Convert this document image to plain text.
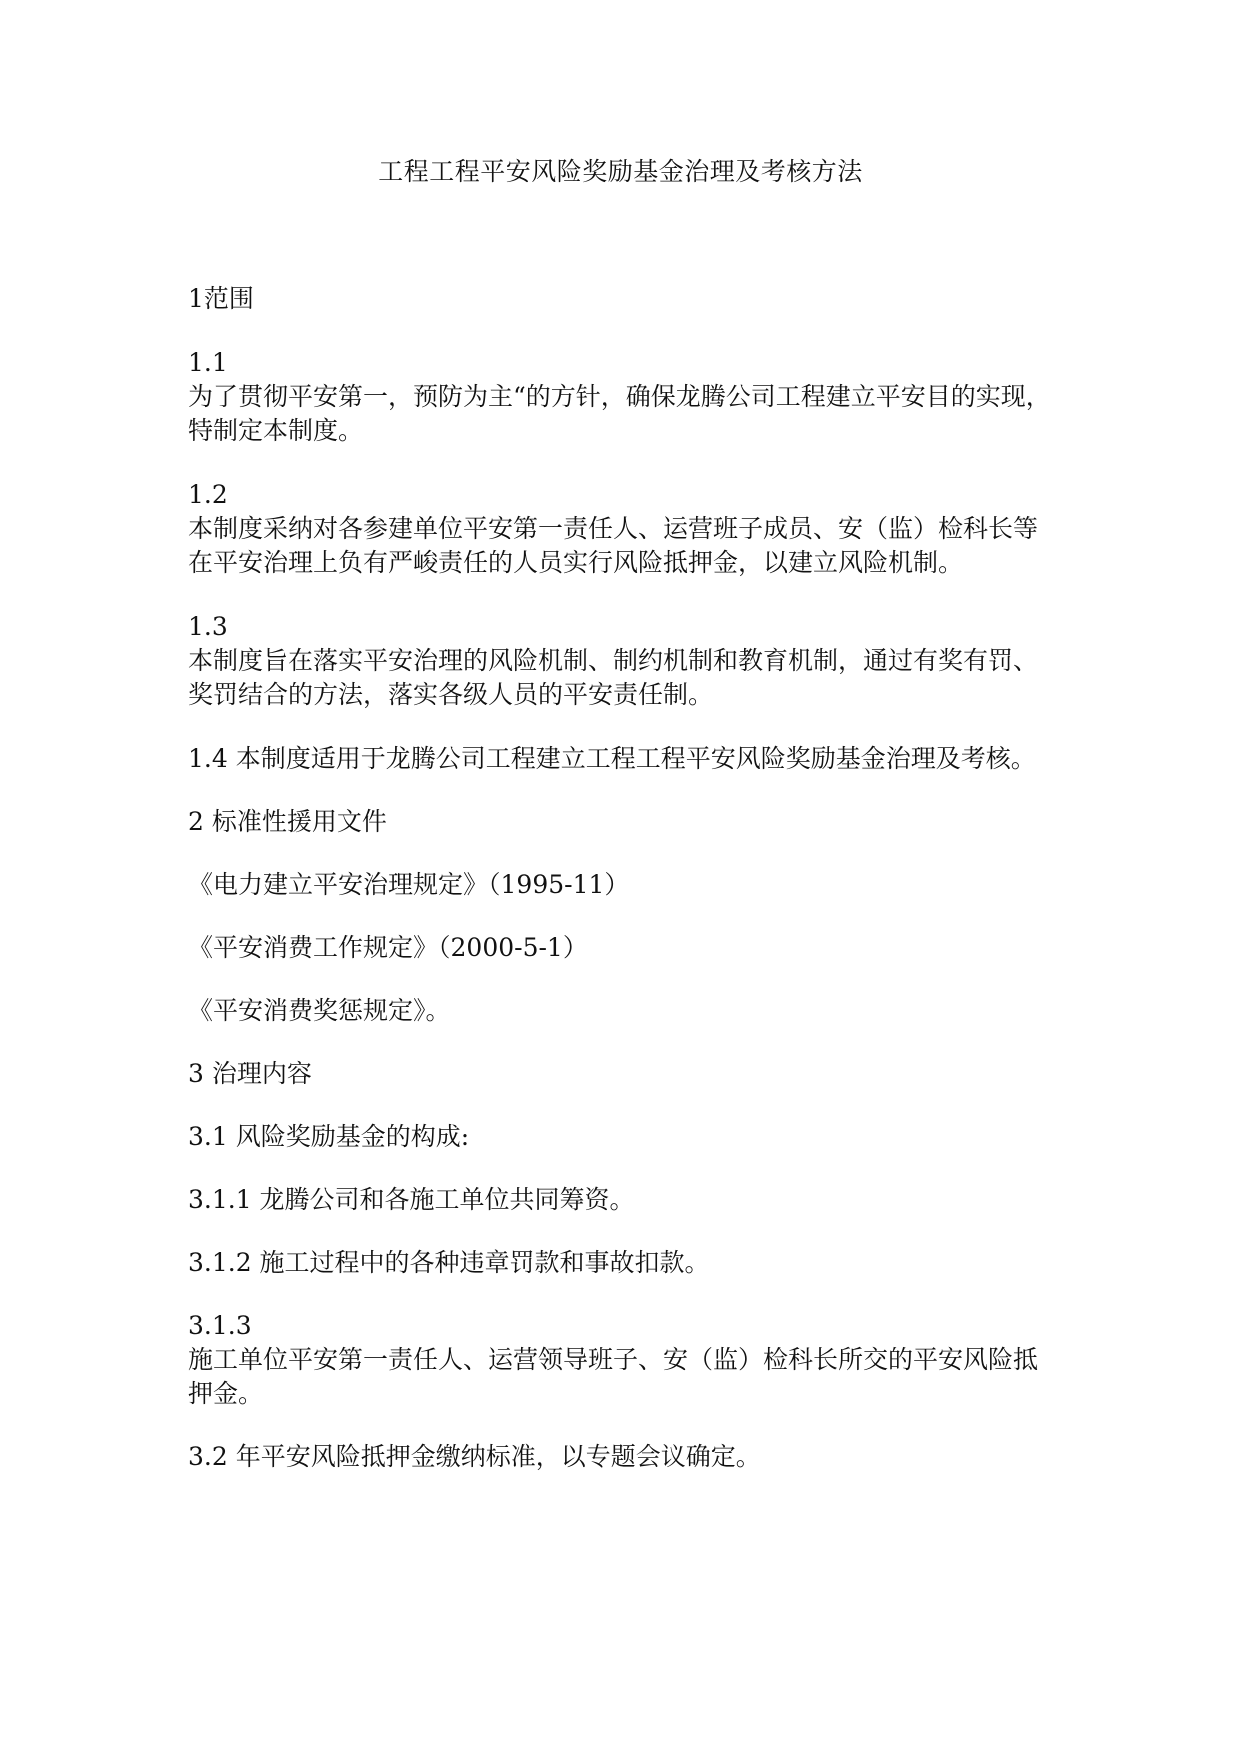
工程工程平安风险奖励基金治理及考核方法
1范围
1.1
为了贯彻平安第一，预防为主“的方针，确保龙腾公司工程建立平安目的实现，
特制定本制度。
1.2
本制度采纳对各参建单位平安第一责任人、运营班子成员、安（监）检科长等
在平安治理上负有严峻责任的人员实行风险抵押金，以建立风险机制。
1.3
本制度旨在落实平安治理的风险机制、制约机制和教育机制，通过有奖有罚、
奖罚结合的方法，落实各级人员的平安责任制。
1.4 本制度适用于龙腾公司工程建立工程工程平安风险奖励基金治理及考核。
2 标准性援用文件
《电力建立平安治理规定》（1995-11）
《平安消费工作规定》（2000-5-1）
《平安消费奖惩规定》。
3 治理内容
3.1 风险奖励基金的构成:
3.1.1 龙腾公司和各施工单位共同筹资。
3.1.2 施工过程中的各种违章罚款和事故扣款。
3.1.3
施工单位平安第一责任人、运营领导班子、安（监）检科长所交的平安风险抵
押金。
3.2 年平安风险抵押金缴纳标准，以专题会议确定。
